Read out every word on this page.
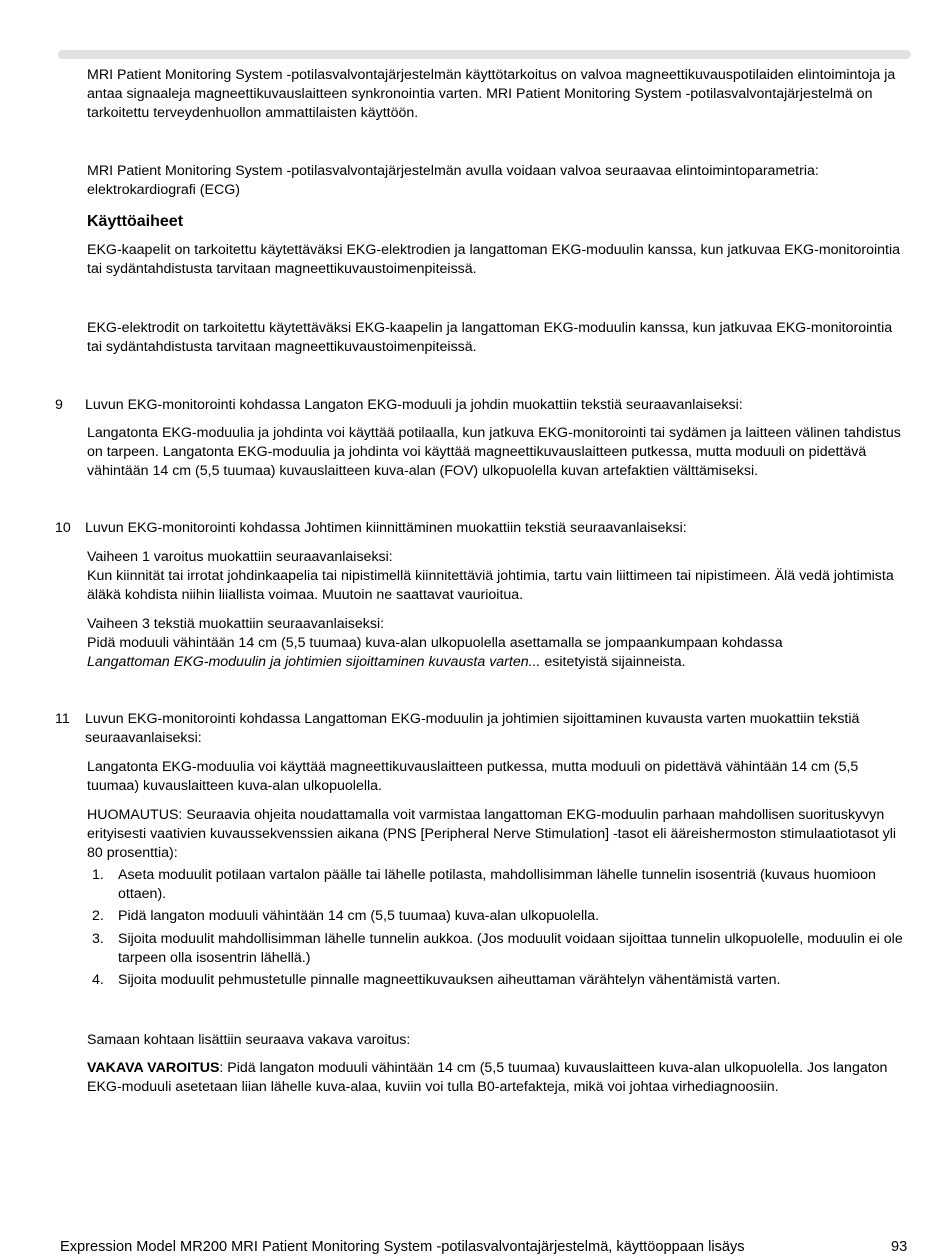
MRI Patient Monitoring System -potilasvalvontajärjestelmän käyttötarkoitus on valvoa magneettikuvauspotilaiden elintoimintoja ja antaa signaaleja magneettikuvauslaitteen synkronointia varten. MRI Patient Monitoring System -potilasvalvontajärjestelmä on tarkoitettu terveydenhuollon ammattilaisten käyttöön.

MRI Patient Monitoring System -potilasvalvontajärjestelmän avulla voidaan valvoa seuraavaa elintoimintoparametria: elektrokardiografi (ECG)

Käyttöaiheet

EKG-kaapelit on tarkoitettu käytettäväksi EKG-elektrodien ja langattoman EKG-moduulin kanssa, kun jatkuvaa EKG-monitorointia tai sydäntahdistusta tarvitaan magneettikuvaustoimenpiteissä.

EKG-elektrodit on tarkoitettu käytettäväksi EKG-kaapelin ja langattoman EKG-moduulin kanssa, kun jatkuvaa EKG-monitorointia tai sydäntahdistusta tarvitaan magneettikuvaustoimenpiteissä.

9 Luvun EKG-monitorointi kohdassa Langaton EKG-moduuli ja johdin muokattiin tekstiä seuraavanlaiseksi:

Langatonta EKG-moduulia ja johdinta voi käyttää potilaalla, kun jatkuva EKG-monitorointi tai sydämen ja laitteen välinen tahdistus on tarpeen. Langatonta EKG-moduulia ja johdinta voi käyttää magneettikuvauslaitteen putkessa, mutta moduuli on pidettävä vähintään 14 cm (5,5 tuumaa) kuvauslaitteen kuva-alan (FOV) ulkopuolella kuvan artefaktien välttämiseksi.

10 Luvun EKG-monitorointi kohdassa Johtimen kiinnittäminen muokattiin tekstiä seuraavanlaiseksi:

Vaiheen 1 varoitus muokattiin seuraavanlaiseksi:

Kun kiinnität tai irrotat johdinkaapelia tai nipistimellä kiinnitettäviä johtimia, tartu vain liittimeen tai nipistimeen. Älä vedä johtimista äläkä kohdista niihin liiallista voimaa. Muutoin ne saattavat vaurioitua.

Vaiheen 3 tekstiä muokattiin seuraavanlaiseksi:

Pidä moduuli vähintään 14 cm (5,5 tuumaa) kuva-alan ulkopuolella asettamalla se jompaankumpaan kohdassa
Langattoman EKG-moduulin ja johtimien sijoittaminen kuvausta varten... esitetyistä sijainneista.

11 Luvun EKG-monitorointi kohdassa Langattoman EKG-moduulin ja johtimien sijoittaminen kuvausta varten muokattiin tekstiä seuraavanlaiseksi:

Langatonta EKG-moduulia voi käyttää magneettikuvauslaitteen putkessa, mutta moduuli on pidettävä vähintään 14 cm (5,5 tuumaa) kuvauslaitteen kuva-alan ulkopuolella.

HUOMAUTUS: Seuraavia ohjeita noudattamalla voit varmistaa langattoman EKG-moduulin parhaan mahdollisen suorituskyvyn erityisesti vaativien kuvaussekvenssien aikana (PNS [Peripheral Nerve Stimulation] -tasot eli ääreishermoston stimulaatiotasot yli 80 prosenttia):

1. Aseta moduulit potilaan vartalon päälle tai lähelle potilasta, mahdollisimman lähelle tunnelin isosentriä (kuvaus huomioon ottaen).
2. Pidä langaton moduuli vähintään 14 cm (5,5 tuumaa) kuva-alan ulkopuolella.
3. Sijoita moduulit mahdollisimman lähelle tunnelin aukkoa. (Jos moduulit voidaan sijoittaa tunnelin ulkopuolelle, moduulin ei ole tarpeen olla isosentrin lähellä.)
4. Sijoita moduulit pehmustetulle pinnalle magneettikuvauksen aiheuttaman värähtelyn vähentämistä varten.

Samaan kohtaan lisättiin seuraava vakava varoitus:

VAKAVA VAROITUS: Pidä langaton moduuli vähintään 14 cm (5,5 tuumaa) kuvauslaitteen kuva-alan ulkopuolella. Jos langaton EKG-moduuli asetetaan liian lähelle kuva-alaa, kuviin voi tulla B0-artefakteja, mikä voi johtaa virhediagnoosiin.

Expression Model MR200 MRI Patient Monitoring System -potilasvalvontajärjestelmä, käyttöoppaan lisäys	93
